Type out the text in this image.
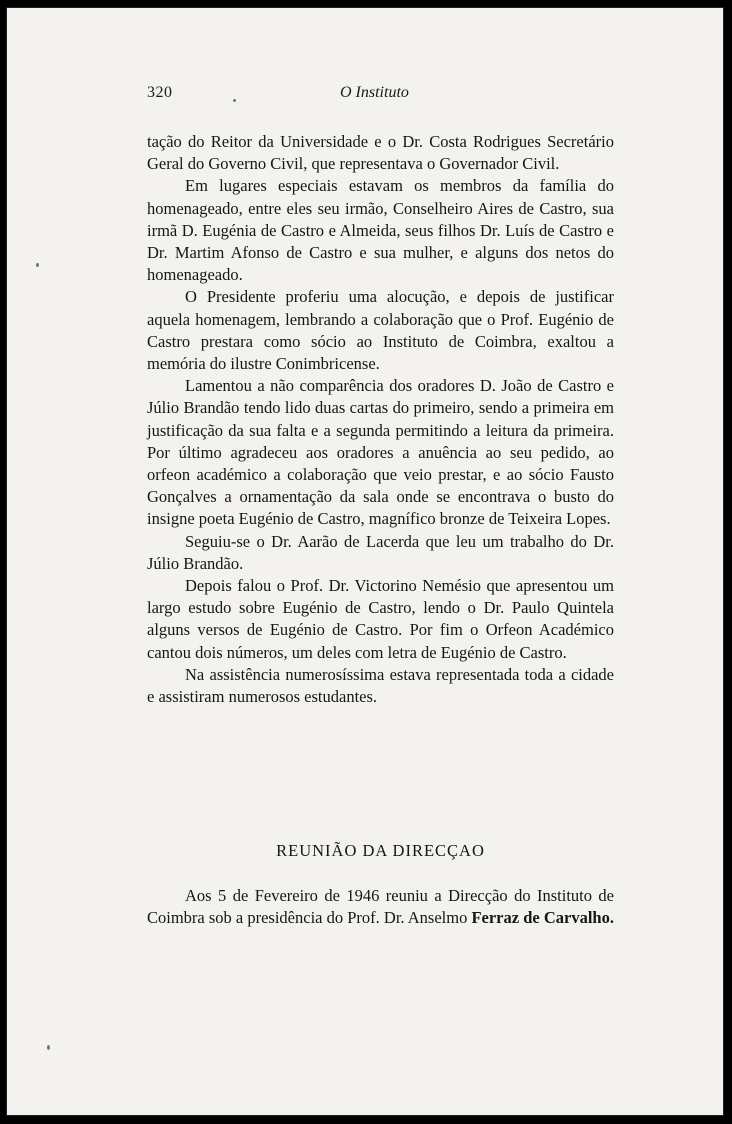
320	O Instituto

tação do Reitor da Universidade e o Dr. Costa Rodrigues Secretário Geral do Governo Civil, que representava o Governador Civil.

Em lugares especiais estavam os membros da família do homenageado, entre eles seu irmão, Conselheiro Aires de Castro, sua irmã D. Eugénia de Castro e Almeida, seus filhos Dr. Luís de Castro e Dr. Martim Afonso de Castro e sua mulher, e alguns dos netos do homenageado.

O Presidente proferiu uma alocução, e depois de justificar aquela homenagem, lembrando a colaboração que o Prof. Eugénio de Castro prestara como sócio ao Instituto de Coimbra, exaltou a memória do ilustre Conimbricense.

Lamentou a não comparência dos oradores D. João de Castro e Júlio Brandão tendo lido duas cartas do primeiro, sendo a primeira em justificação da sua falta e a segunda permitindo a leitura da primeira. Por último agradeceu aos oradores a anuência ao seu pedido, ao orfeon académico a colaboração que veio prestar, e ao sócio Fausto Gonçalves a ornamentação da sala onde se encontrava o busto do insigne poeta Eugénio de Castro, magnífico bronze de Teixeira Lopes.

Seguiu-se o Dr. Aarão de Lacerda que leu um trabalho do Dr. Júlio Brandão.

Depois falou o Prof. Dr. Victorino Nemésio que apresentou um largo estudo sobre Eugénio de Castro, lendo o Dr. Paulo Quintela alguns versos de Eugénio de Castro. Por fim o Orfeon Académico cantou dois números, um deles com letra de Eugénio de Castro.

Na assistência numerosíssima estava representada toda a cidade e assistiram numerosos estudantes.

REUNIÃO DA DIRECÇAO

Aos 5 de Fevereiro de 1946 reuniu a Direcção do Instituto de Coimbra sob a presidência do Prof. Dr. Anselmo Ferraz de Carvalho.
